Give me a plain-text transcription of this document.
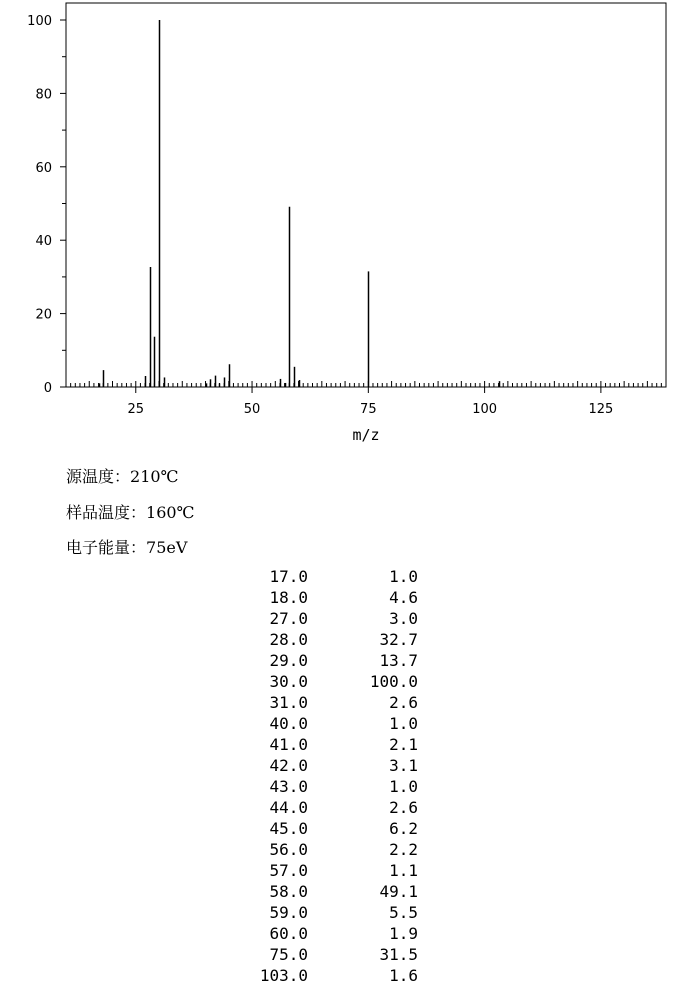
0
20
40
60
80
100
25	50	75	100	125
m/z
源温度：210℃
样品温度：160℃
电子能量：75eV
17.0	1.0
18.0	4.6
27.0	3.0
28.0	32.7
29.0	13.7
30.0	100.0
31.0	2.6
40.0	1.0
41.0	2.1
42.0	3.1
43.0	1.0
44.0	2.6
45.0	6.2
56.0	2.2
57.0	1.1
58.0	49.1
59.0	5.5
60.0	1.9
75.0	31.5
103.0	1.6
